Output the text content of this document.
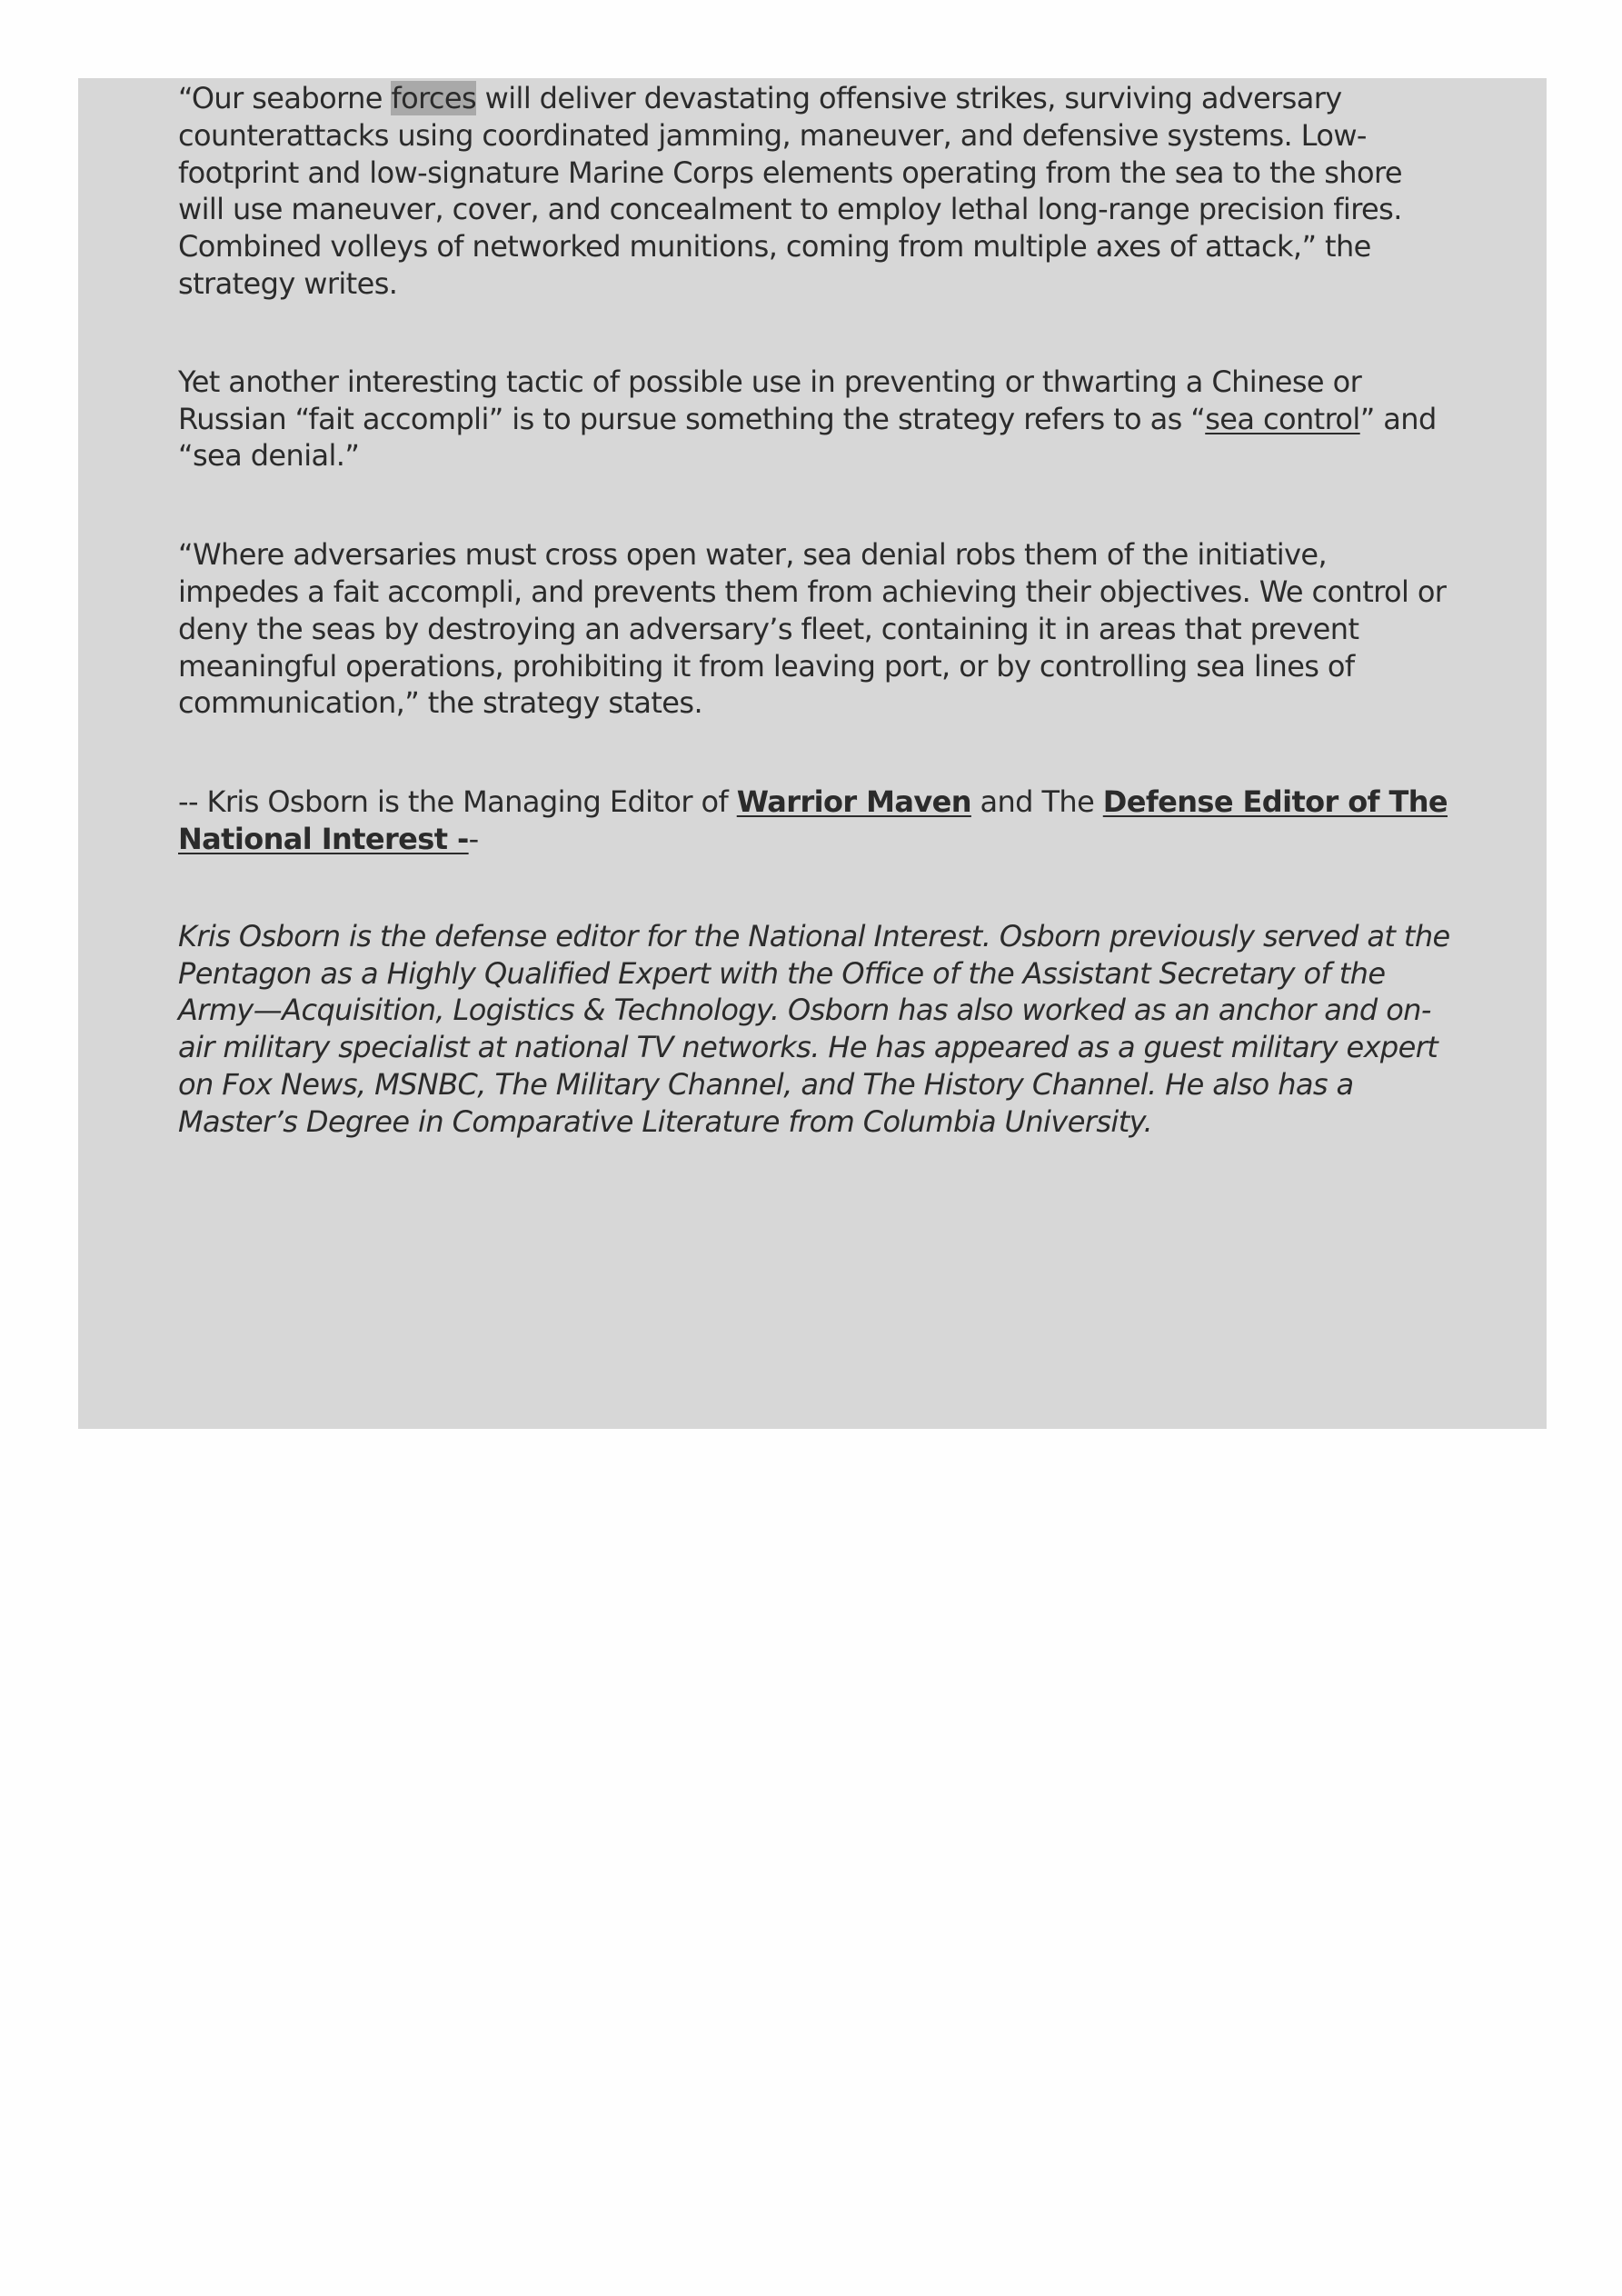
“Our seaborne forces will deliver devastating offensive strikes, surviving adversary counterattacks using coordinated jamming, maneuver, and defensive systems. Low-footprint and low-signature Marine Corps elements operating from the sea to the shore will use maneuver, cover, and concealment to employ lethal long-range precision fires. Combined volleys of networked munitions, coming from multiple axes of attack,” the strategy writes.

Yet another interesting tactic of possible use in preventing or thwarting a Chinese or Russian “fait accompli” is to pursue something the strategy refers to as “sea control” and “sea denial.”

“Where adversaries must cross open water, sea denial robs them of the initiative, impedes a fait accompli, and prevents them from achieving their objectives. We control or deny the seas by destroying an adversary’s fleet, containing it in areas that prevent meaningful operations, prohibiting it from leaving port, or by controlling sea lines of communication,” the strategy states.

-- Kris Osborn is the Managing Editor of Warrior Maven and The Defense Editor of The National Interest --

Kris Osborn is the defense editor for the National Interest. Osborn previously served at the Pentagon as a Highly Qualified Expert with the Office of the Assistant Secretary of the Army—Acquisition, Logistics & Technology. Osborn has also worked as an anchor and on-air military specialist at national TV networks. He has appeared as a guest military expert on Fox News, MSNBC, The Military Channel, and The History Channel. He also has a Master’s Degree in Comparative Literature from Columbia University.
